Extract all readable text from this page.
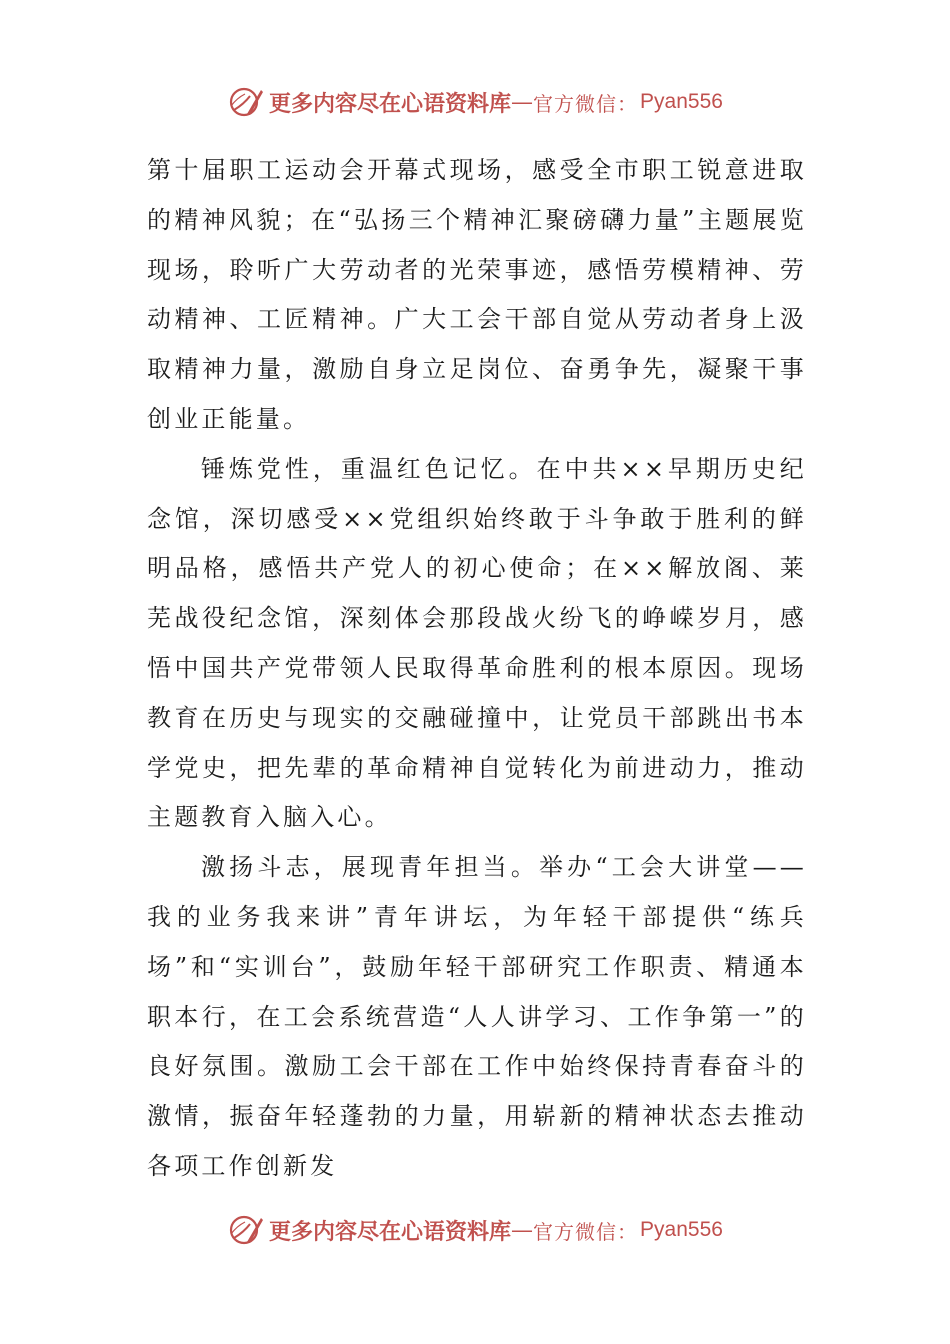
更多内容尽在心语资料库 — 官方微信： Pyan556

第十届职工运动会开幕式现场，感受全市职工锐意进取的精神风貌；在“弘扬三个精神汇聚磅礴力量”主题展览现场，聆听广大劳动者的光荣事迹，感悟劳模精神、劳动精神、工匠精神。广大工会干部自觉从劳动者身上汲取精神力量，激励自身立足岗位、奋勇争先，凝聚干事创业正能量。

锤炼党性，重温红色记忆。在中共××早期历史纪念馆，深切感受××党组织始终敢于斗争敢于胜利的鲜明品格，感悟共产党人的初心使命；在××解放阁、莱芜战役纪念馆，深刻体会那段战火纷飞的峥嵘岁月，感悟中国共产党带领人民取得革命胜利的根本原因。现场教育在历史与现实的交融碰撞中，让党员干部跳出书本学党史，把先辈的革命精神自觉转化为前进动力，推动主题教育入脑入心。

激扬斗志，展现青年担当。举办“工会大讲堂——我的业务我来讲”青年讲坛，为年轻干部提供“练兵场”和“实训台”，鼓励年轻干部研究工作职责、精通本职本行，在工会系统营造“人人讲学习、工作争第一”的良好氛围。激励工会干部在工作中始终保持青春奋斗的激情，振奋年轻蓬勃的力量，用崭新的精神状态去推动各项工作创新发

更多内容尽在心语资料库 — 官方微信： Pyan556
